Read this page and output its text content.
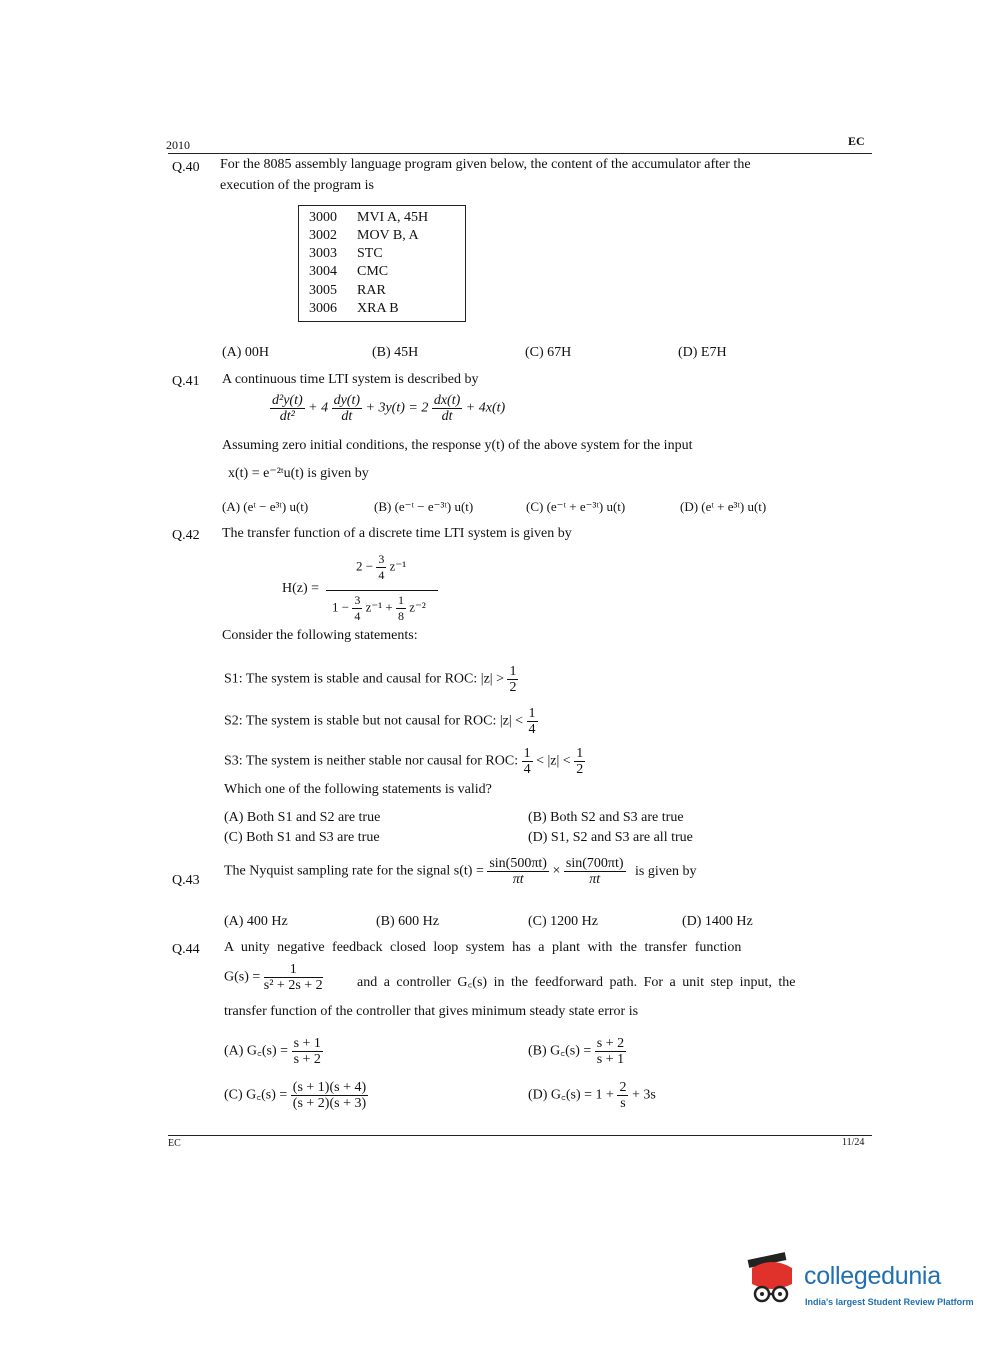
2010	EC
Q.40 For the 8085 assembly language program given below, the content of the accumulator after the
execution of the program is
3000 MVI A, 45H
3002 MOV B, A
3003 STC
3004 CMC
3005 RAR
3006 XRA B
(A) 00H	(B) 45H	(C) 67H	(D) E7H
Q.41 A continuous time LTI system is described by
$\frac{\text{d²y(t)}}{\text{dt²}} + 4 \frac{dy(t)}{dt} + 3y(t) = 2 \frac{dx(t)}{dt} + 4x(t)$
Assuming zero initial conditions, the response y(t) of the above system for the input
x(t) = e⁻²ᵗu(t) is given by
(A) (eᵗ − e³ᵗ) u(t)	(B) (e⁻ᵗ − e⁻³ᵗ) u(t)	(C) (e⁻ᵗ + e⁻³ᵗ) u(t)	(D) (eᵗ + e³ᵗ) u(t)
Q.42 The transfer function of a discrete time LTI system is given by
H(z) =
$2 - \frac{3}{4} z^{-1}$
$1 - \frac{3}{4} z^{-1} + \frac{1}{8} z^{-2}$
Consider the following statements:
S1: The system is stable and causal for ROC: $|z| > \frac{1}{2}$
S2: The system is stable but not causal for ROC: $|z| < \frac{1}{4}$
S3: The system is neither stable nor causal for ROC: $\frac{1}{4} < |z| < \frac{1}{2}$
Which one of the following statements is valid?
(A) Both S1 and S2 are true	(B) Both S2 and S3 are true
(C) Both S1 and S3 are true	(D) S1, S2 and S3 are all true
Q.43
The Nyquist sampling rate for the signal $s(t) = \frac{\sin(500\pi t)}{\pi t} \times \frac{\sin(700\pi t)}{\pi t}$ is given by
(A) 400 Hz	(B) 600 Hz	(C) 1200 Hz	(D) 1400 Hz
Q.44 A unity negative feedback closed loop system has a plant with the transfer function
$G(s) = \frac{1}{\text{s² + 2s + 2}}$ and a controller G꜀(s) in the feedforward path. For a unit step input, the
transfer function of the controller that gives minimum steady state error is
(A) G꜀(s) = $\frac{s + 1}{s + 2}$	(B) G꜀(s) = $\frac{s + 2}{s + 1}$
(C) G꜀(s) = $\frac{(s + 1)(s + 4)}{(s + 2)(s + 3)}$	(D) G꜀(s) = $1 + \frac{2}{s} + 3s$
EC	11/24
collegedunia
India's largest Student Review Platform
